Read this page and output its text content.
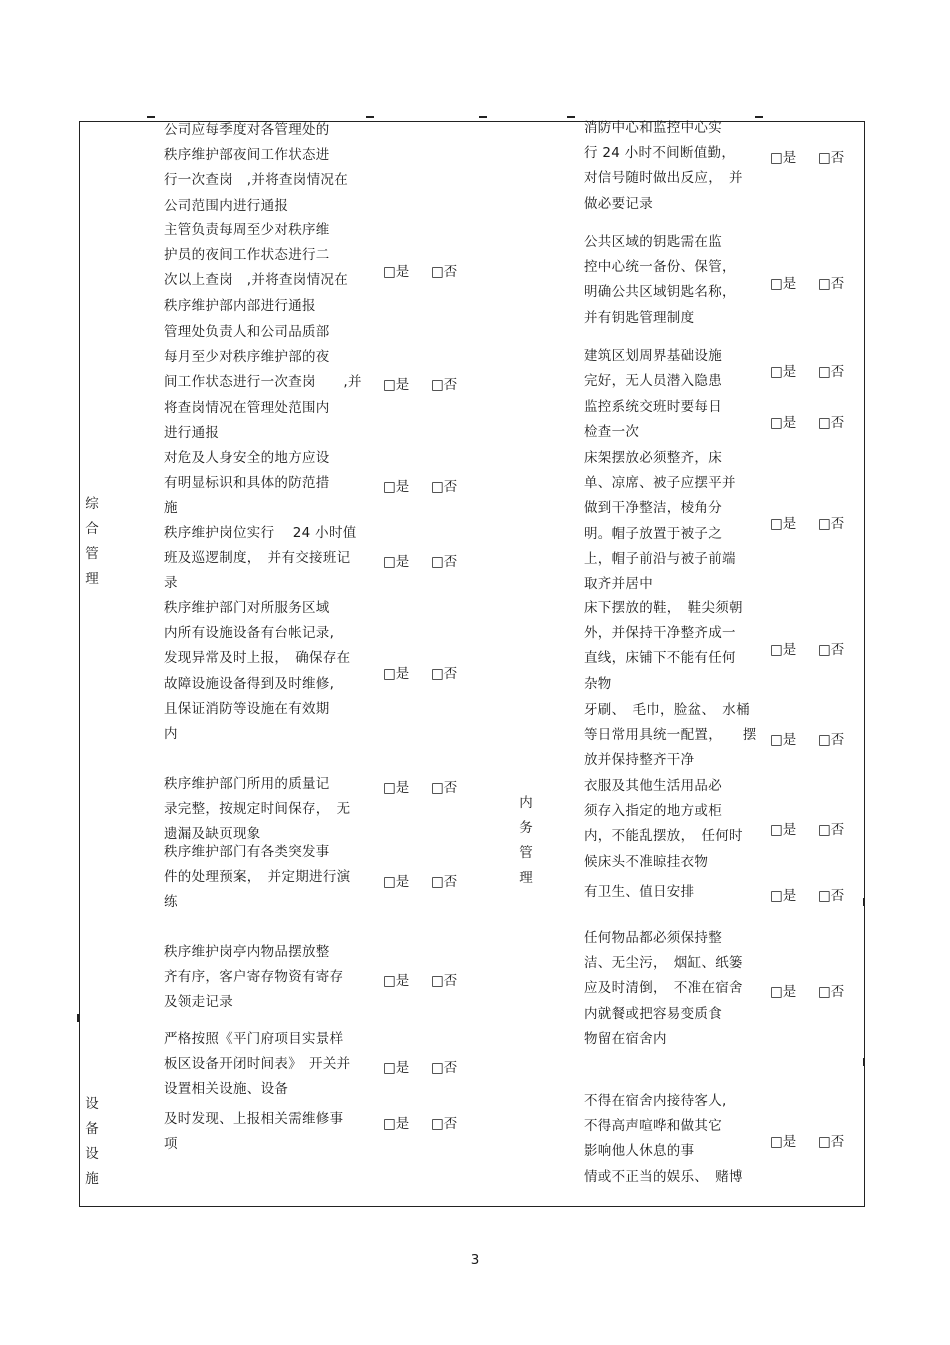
公司应每季度对各管理处的
秩序维护部夜间工作状态进
行一次查岗　,并将查岗情况在
公司范围内进行通报
主管负责每周至少对秩序维
护员的夜间工作状态进行二
次以上查岗　,并将查岗情况在
秩序维护部内部进行通报
管理处负责人和公司品质部
每月至少对秩序维护部的夜
间工作状态进行一次查岗　　,并
将查岗情况在管理处范围内
进行通报
对危及人身安全的地方应设
有明显标识和具体的防范措
施
秩序维护岗位实行　 24 小时值
班及巡逻制度，　并有交接班记
录
秩序维护部门对所服务区域
内所有设施设备有台帐记录,
发现异常及时上报，　确保存在
故障设施设备得到及时维修,
且保证消防等设施在有效期
内
秩序维护部门所用的质量记
录完整，按规定时间保存，　无
遗漏及缺页现象
秩序维护部门有各类突发事
件的处理预案，　并定期进行演
练
秩序维护岗亭内物品摆放整
齐有序，客户寄存物资有寄存
及领走记录
严格按照《平门府项目实景样
板区设备开闭时间表》　开关并
设置相关设施、设备
及时发现、上报相关需维修事
项
消防中心和监控中心实
行 24 小时不间断值勤，
对信号随时做出反应，　并
做必要记录
公共区域的钥匙需在监
控中心统一备份、保管，
明确公共区域钥匙名称，
并有钥匙管理制度
建筑区划周界基础设施
完好，无人员潜入隐患
监控系统交班时要每日
检查一次
床架摆放必须整齐，床
单、凉席、被子应摆平并
做到干净整洁，棱角分
明。帽子放置于被子之
上，帽子前沿与被子前端
取齐并居中
床下摆放的鞋，　鞋尖须朝
外，并保持干净整齐成一
直线，床铺下不能有任何
杂物
牙刷、　毛巾，脸盆、　水桶
等日常用具统一配置，　　摆
放并保持整齐干净
衣服及其他生活用品必
须存入指定的地方或柜
内，不能乱摆放，　任何时
候床头不准晾挂衣物
有卫生、值日安排
任何物品都必须保持整
洁、无尘污，　烟缸、纸篓
应及时清倒，　不准在宿舍
内就餐或把容易变质食
物留在宿舍内
不得在宿舍内接待客人,
不得高声喧哗和做其它
影响他人休息的事
情或不正当的娱乐、　赌博
□是 □否
□是 □否
□是 □否
□是 □否
□是 □否
□是 □否
□是 □否
□是 □否
□是 □否
□是 □否
□是 □否
□是 □否
□是 □否
□是 □否
□是 □否
□是 □否
□是 □否
□是 □否
□是 □否
□是 □否
□是 □否
综
合
管
理
设
备
设
施
内
务
管
理
3
